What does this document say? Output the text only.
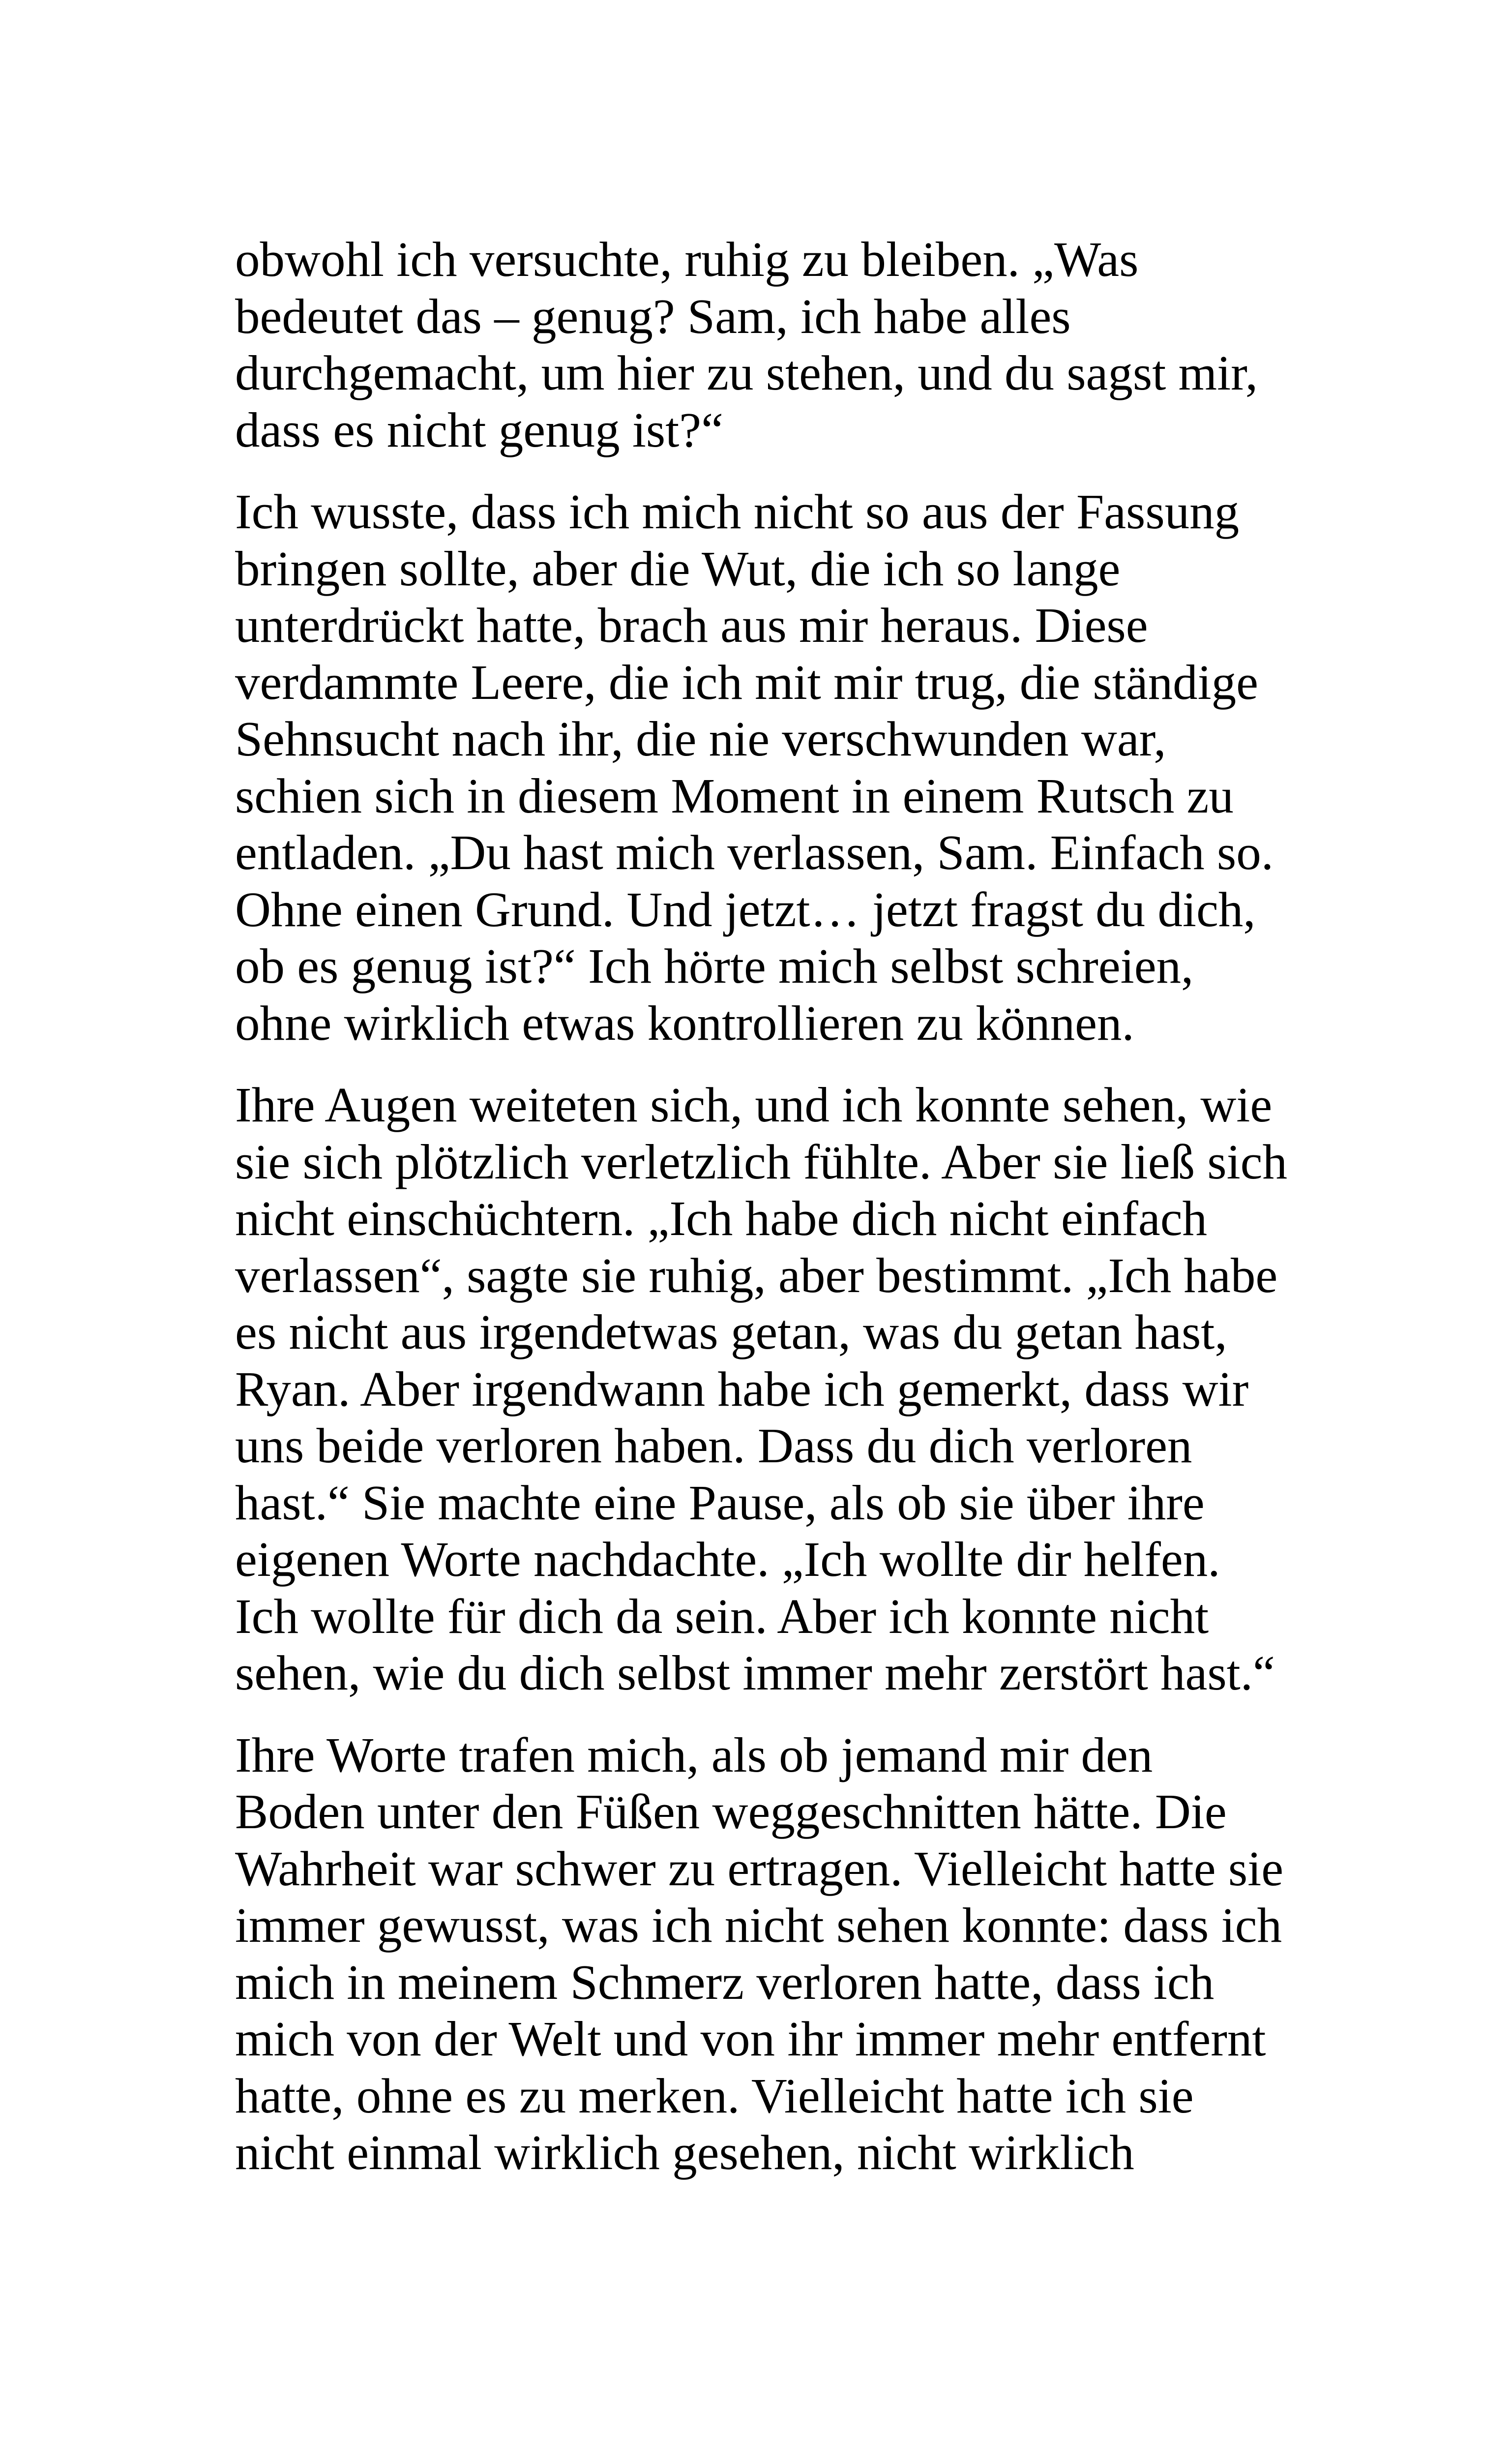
obwohl ich versuchte, ruhig zu bleiben. „Was
bedeutet das – genug? Sam, ich habe alles
durchgemacht, um hier zu stehen, und du sagst mir,
dass es nicht genug ist?“

Ich wusste, dass ich mich nicht so aus der Fassung
bringen sollte, aber die Wut, die ich so lange
unterdrückt hatte, brach aus mir heraus. Diese
verdammte Leere, die ich mit mir trug, die ständige
Sehnsucht nach ihr, die nie verschwunden war,
schien sich in diesem Moment in einem Rutsch zu
entladen. „Du hast mich verlassen, Sam. Einfach so.
Ohne einen Grund. Und jetzt… jetzt fragst du dich,
ob es genug ist?“ Ich hörte mich selbst schreien,
ohne wirklich etwas kontrollieren zu können.

Ihre Augen weiteten sich, und ich konnte sehen, wie
sie sich plötzlich verletzlich fühlte. Aber sie ließ sich
nicht einschüchtern. „Ich habe dich nicht einfach
verlassen“, sagte sie ruhig, aber bestimmt. „Ich habe
es nicht aus irgendetwas getan, was du getan hast,
Ryan. Aber irgendwann habe ich gemerkt, dass wir
uns beide verloren haben. Dass du dich verloren
hast.“ Sie machte eine Pause, als ob sie über ihre
eigenen Worte nachdachte. „Ich wollte dir helfen.
Ich wollte für dich da sein. Aber ich konnte nicht
sehen, wie du dich selbst immer mehr zerstört hast.“

Ihre Worte trafen mich, als ob jemand mir den
Boden unter den Füßen weggeschnitten hätte. Die
Wahrheit war schwer zu ertragen. Vielleicht hatte sie
immer gewusst, was ich nicht sehen konnte: dass ich
mich in meinem Schmerz verloren hatte, dass ich
mich von der Welt und von ihr immer mehr entfernt
hatte, ohne es zu merken. Vielleicht hatte ich sie
nicht einmal wirklich gesehen, nicht wirklich
